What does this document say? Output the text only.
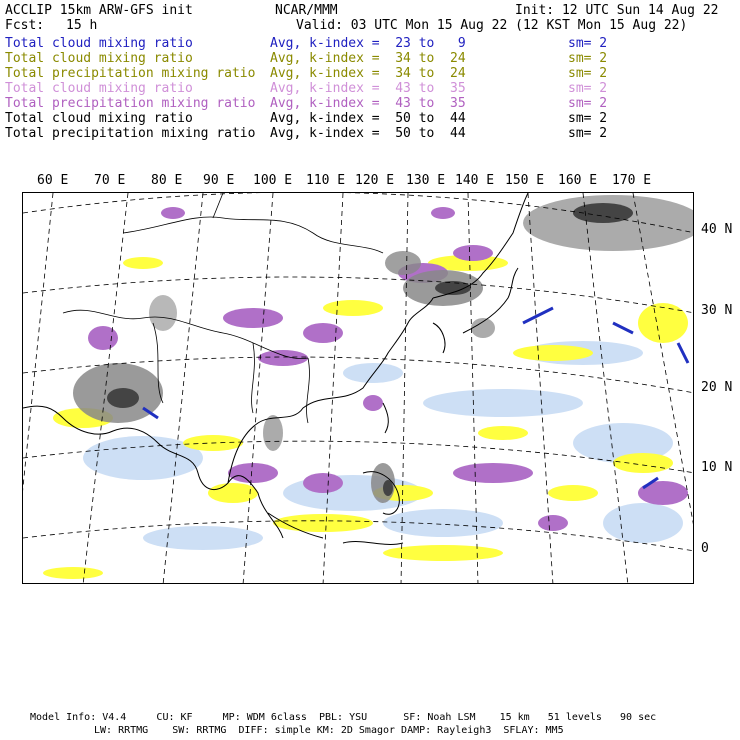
ACCLIP 15km ARW-GFS init	NCAR/MMM	Init: 12 UTC Sun 14 Aug 22
Fcst: 15 h	Valid: 03 UTC Mon 15 Aug 22 (12 KST Mon 15 Aug 22)
Total cloud mixing ratio	Avg, k-index =  23 to   9	sm= 2
Total cloud mixing ratio	Avg, k-index =  34 to  24	sm= 2
Total precipitation mixing ratio Avg, k-index =  34 to  24	sm= 2
Total cloud mixing ratio	Avg, k-index =  43 to  35	sm= 2
Total precipitation mixing ratio Avg, k-index =  43 to  35	sm= 2
Total cloud mixing ratio	Avg, k-index =  50 to  44	sm= 2
Total precipitation mixing ratio Avg, k-index =  50 to  44	sm= 2
60 E 70 E 80 E 90 E 100 E 110 E 120 E 130 E 140 E 150 E 160 E 170 E
40 N
30 N
20 N
10 N
0
Model Info: V4.4     CU: KF     MP: WDM 6class  PBL: YSU      SF: Noah LSM    15 km   51 levels   90 sec
LW: RRTMG    SW: RRTMG  DIFF: simple KM: 2D Smagor DAMP: Rayleigh3  SFLAY: MM5
